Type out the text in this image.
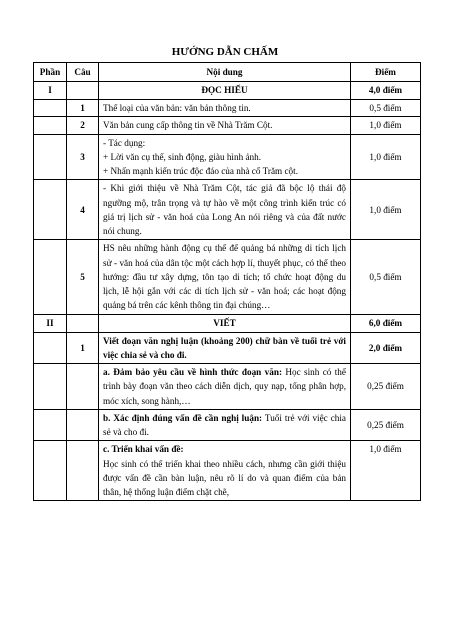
HƯỚNG DẪN CHẤM
Phần	Câu	Nội dung	Điểm
I		ĐỌC HIỂU	4,0 điểm
	1	Thể loại của văn bản: văn bản thông tin.	0,5 điểm
	2	Văn bản cung cấp thông tin về Nhà Trăm Cột.	1,0 điểm
	3	- Tác dụng:
+ Lời văn cụ thể, sinh động, giàu hình ảnh.
+ Nhấn mạnh kiến trúc độc đáo của nhà cổ Trăm cột.	1,0 điểm
	4	- Khi giới thiệu về Nhà Trăm Cột, tác giả đã bộc lộ thái độ ngưỡng mộ, trân trọng và tự hào về một công trình kiến trúc có giá trị lịch sử - văn hoá của Long An nói riêng và của đất nước nói chung.	1,0 điểm
	5	HS nêu những hành động cụ thể để quảng bá những di tích lịch sử - văn hoá của dân tộc một cách hợp lí, thuyết phục, có thể theo hướng: đầu tư xây dựng, tôn tạo di tích; tổ chức hoạt động du lịch, lễ hội gắn với các di tích lịch sử - văn hoá; các hoạt động quảng bá trên các kênh thông tin đại chúng…	0,5 điểm
II		VIẾT	6,0 điểm
	1	Viết đoạn văn nghị luận (khoảng 200) chữ bàn về tuổi trẻ với việc chia sẻ và cho đi.	2,0 điểm
		a. Đảm bảo yêu cầu về hình thức đoạn văn: Học sinh có thể trình bày đoạn văn theo cách diễn dịch, quy nạp, tổng phân hợp, móc xích, song hành,…	0,25 điểm
		b. Xác định đúng vấn đề cần nghị luận: Tuổi trẻ với việc chia sẻ và cho đi.	0,25 điểm

		c. Triển khai vấn đề:
Học sinh có thể triển khai theo nhiều cách, nhưng cần giới thiệu được vấn đề cần bàn luận, nêu rõ lí do và quan điểm của bản thân, hệ thống luận điểm chặt chẽ,	1,0 điểm
